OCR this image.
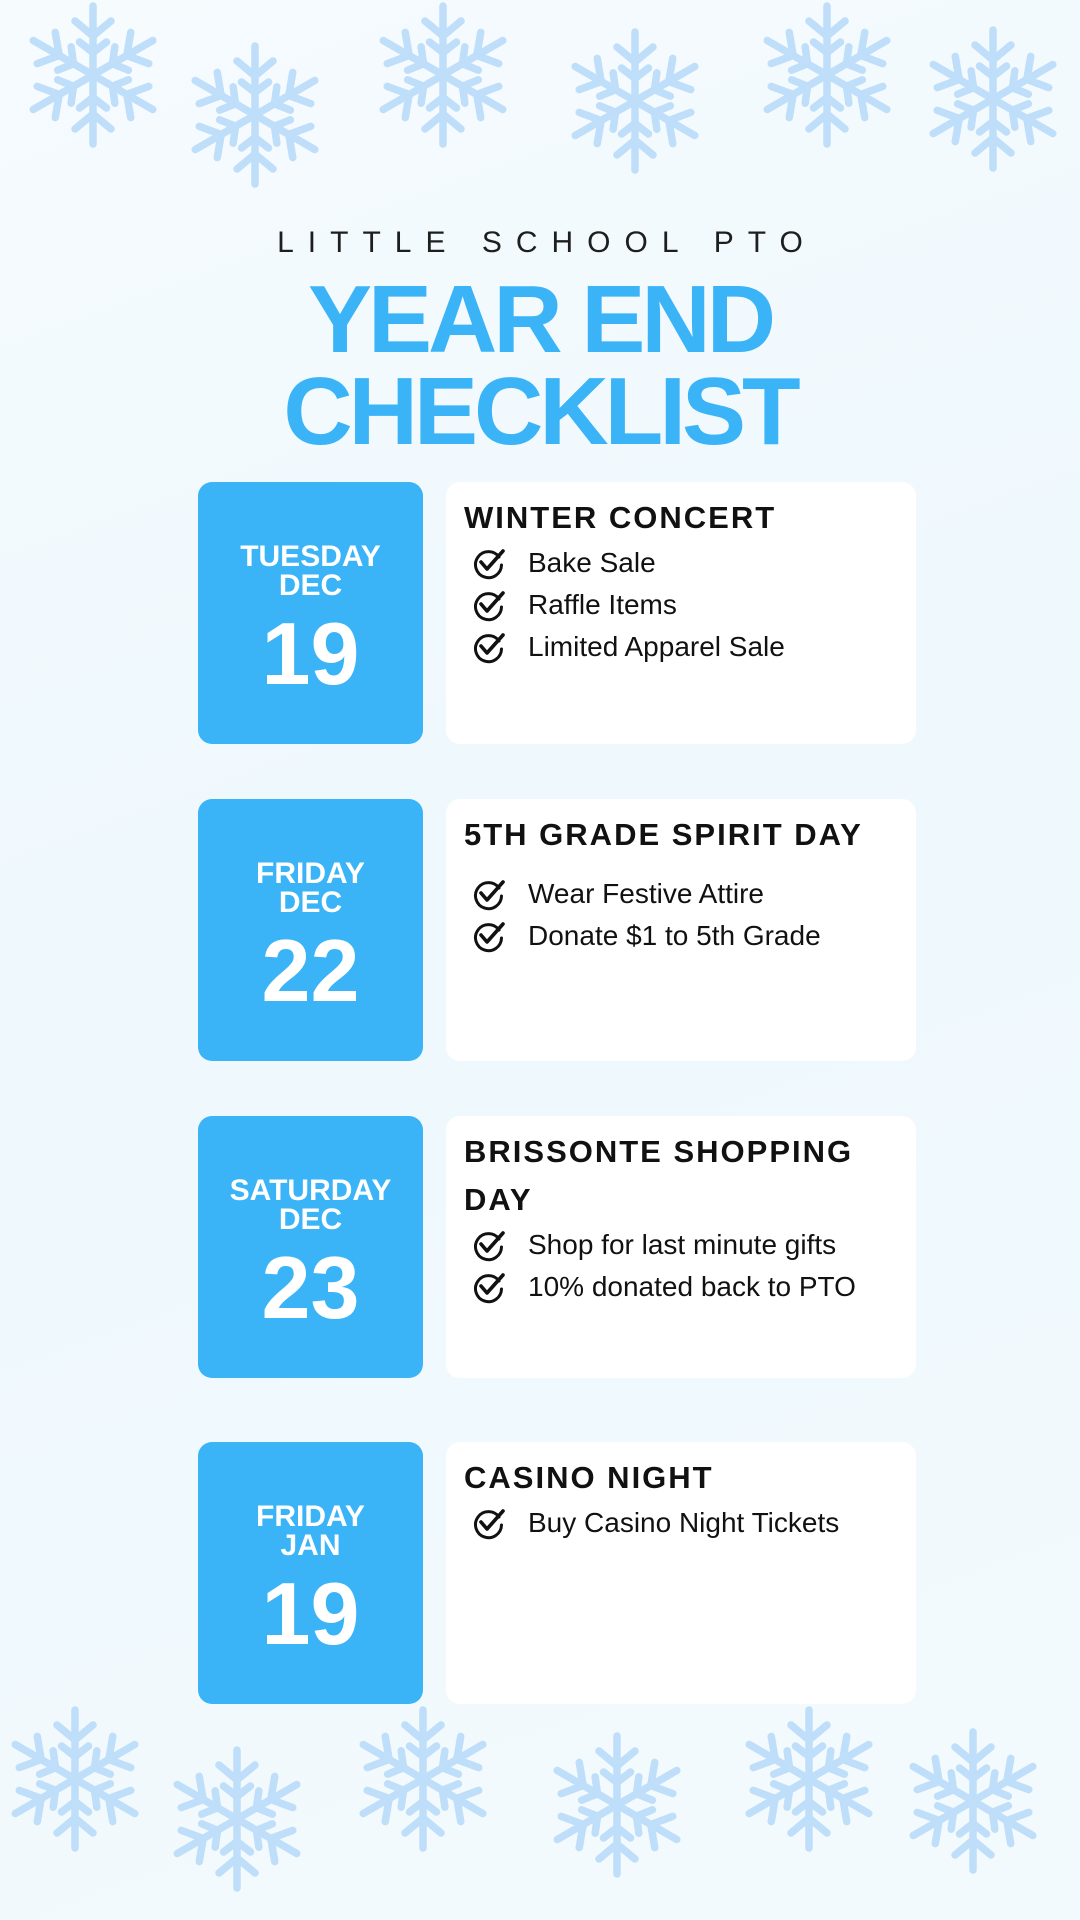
LITTLE SCHOOL PTO
YEAR END
CHECKLIST
TUESDAY
DEC
19
WINTER CONCERT
Bake Sale
Raffle Items
Limited Apparel Sale
FRIDAY
DEC
22
5TH GRADE SPIRIT DAY
Wear Festive Attire
Donate $1 to 5th Grade
SATURDAY
DEC
23
BRISSONTE SHOPPING DAY
Shop for last minute gifts
10% donated back to PTO
FRIDAY
JAN
19
CASINO NIGHT
Buy Casino Night Tickets
